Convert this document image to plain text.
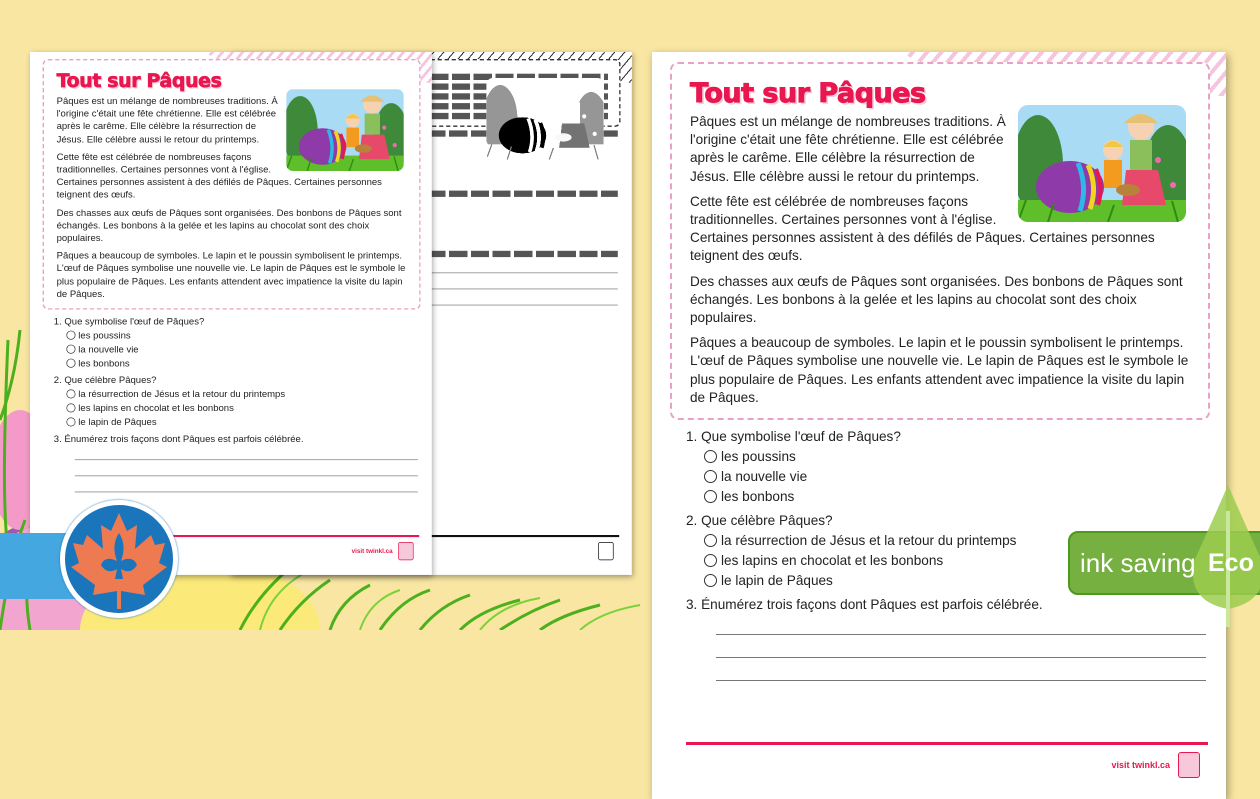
Tout sur Pâques

Pâques est un mélange de nombreuses traditions. À l'origine c'était une fête chrétienne. Elle est célébrée après le carême. Elle célèbre la résurrection de Jésus. Elle célèbre aussi le retour du printemps.

Cette fête est célébrée de nombreuses façons traditionnelles. Certaines personnes vont à l'église. Certaines personnes assistent à des défilés de Pâques. Certaines personnes teignent des œufs.

Des chasses aux œufs de Pâques sont organisées. Des bonbons de Pâques sont échangés. Les bonbons à la gelée et les lapins au chocolat sont des choix populaires.

Pâques a beaucoup de symboles. Le lapin et le poussin symbolisent le printemps. L'œuf de Pâques symbolise une nouvelle vie. Le lapin de Pâques est le symbole le plus populaire de Pâques. Les enfants attendent avec impatience la visite du lapin de Pâques.

1. Que symbolise l'œuf de Pâques?
les poussins
la nouvelle vie
les bonbons
2. Que célèbre Pâques?
la résurrection de Jésus et la retour du printemps
les lapins en chocolat et les bonbons
le lapin de Pâques
3. Énumérez trois façons dont Pâques est parfois célébrée.
visit twinkl.ca
Tout sur Pâques

Pâques est un mélange de nombreuses traditions. À l'origine c'était une fête chrétienne. Elle est célébrée après le carême. Elle célèbre la résurrection de Jésus. Elle célèbre aussi le retour du printemps.

Cette fête est célébrée de nombreuses façons traditionnelles. Certaines personnes vont à l'église. Certaines personnes assistent à des défilés de Pâques. Certaines personnes teignent des œufs.

Des chasses aux œufs de Pâques sont organisées. Des bonbons de Pâques sont échangés. Les bonbons à la gelée et les lapins au chocolat sont des choix populaires.

Pâques a beaucoup de symboles. Le lapin et le poussin symbolisent le printemps. L'œuf de Pâques symbolise une nouvelle vie. Le lapin de Pâques est le symbole le plus populaire de Pâques. Les enfants attendent avec impatience la visite du lapin de Pâques.

1. Que symbolise l'œuf de Pâques?
les poussins
la nouvelle vie
les bonbons
2. Que célèbre Pâques?
la résurrection de Jésus et la retour du printemps
les lapins en chocolat et les bonbons
le lapin de Pâques
3. Énumérez trois façons dont Pâques est parfois célébrée.
visit twinkl.ca
ink saving Eco
